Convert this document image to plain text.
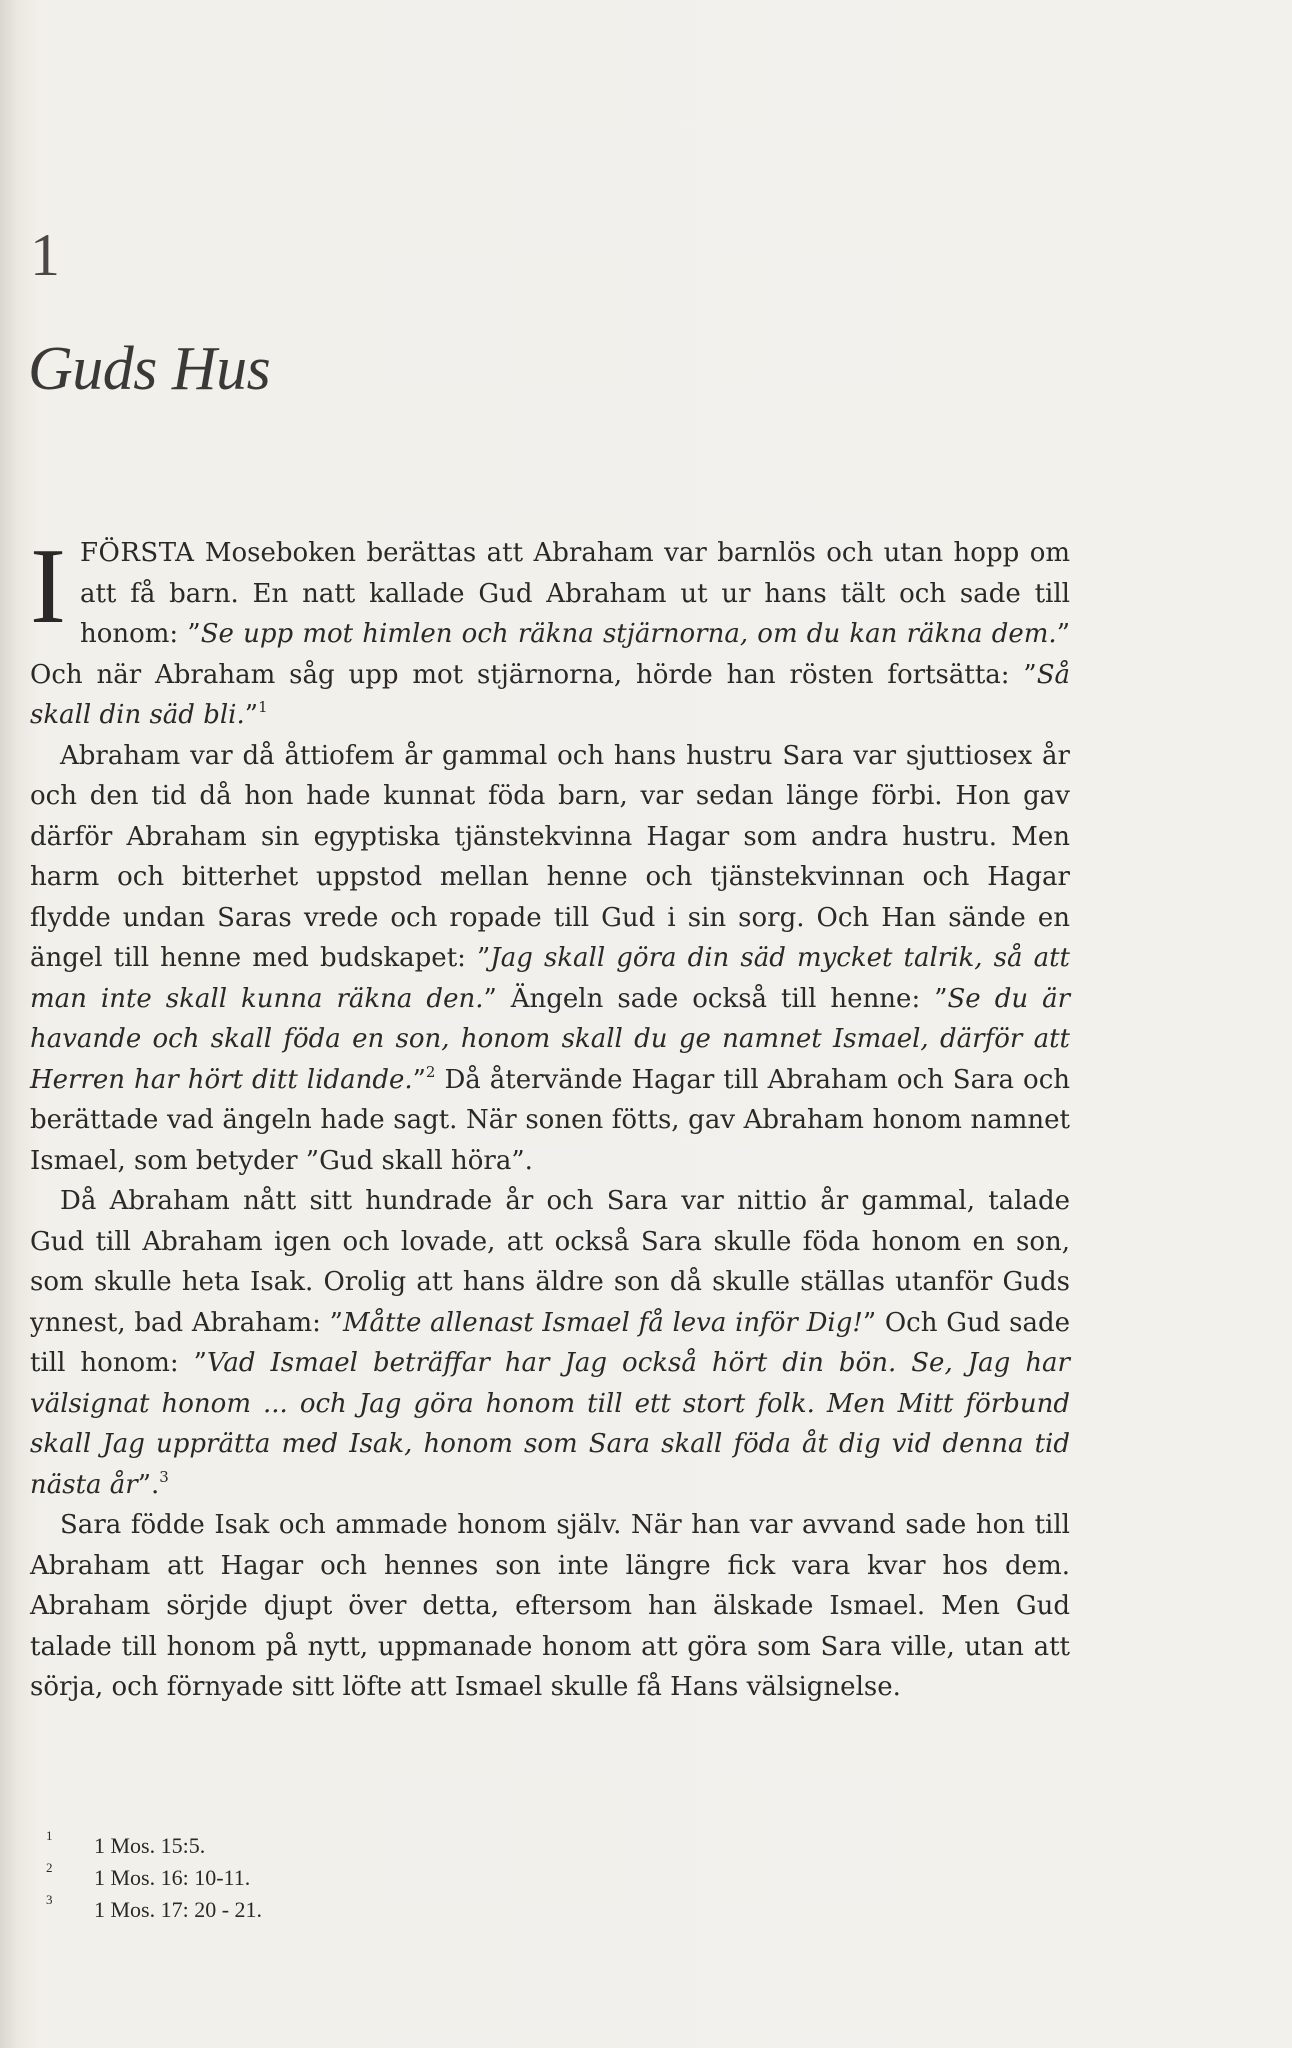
1
Guds Hus

IFÖRSTA Moseboken berättas att Abraham var barnlös och utan hopp om att få barn. En natt kallade Gud Abraham ut ur hans tält och sade till honom: ”Se upp mot himlen och räkna stjärnorna, om du kan räkna dem.” Och när Abraham såg upp mot stjärnorna, hörde han rösten fortsätta: ”Så skall din säd bli.”$^1$

Abraham var då åttiofem år gammal och hans hustru Sara var sjuttiosex år och den tid då hon hade kunnat föda barn, var sedan länge förbi. Hon gav därför Abraham sin egyptiska tjänstekvinna Hagar som andra hustru. Men harm och bitterhet uppstod mellan henne och tjänstekvinnan och Hagar flydde undan Saras vrede och ropade till Gud i sin sorg. Och Han sände en ängel till henne med budskapet: ”Jag skall göra din säd mycket talrik, så att man inte skall kunna räkna den.” Ängeln sade också till henne: ”Se du är havande och skall föda en son, honom skall du ge namnet Ismael, därför att Herren har hört ditt lidande.”$^2$ Då återvände Hagar till Abraham och Sara och berättade vad ängeln hade sagt. När sonen fötts, gav Abraham honom namnet Ismael, som betyder ”Gud skall höra”.

Då Abraham nått sitt hundrade år och Sara var nittio år gammal, talade Gud till Abraham igen och lovade, att också Sara skulle föda honom en son, som skulle heta Isak. Orolig att hans äldre son då skulle ställas utanför Guds ynnest, bad Abraham: ”Måtte allenast Ismael få leva inför Dig!” Och Gud sade till honom: ”Vad Ismael beträffar har Jag också hört din bön. Se, Jag har välsignat honom ... och Jag göra honom till ett stort folk. Men Mitt förbund skall Jag upprätta med Isak, honom som Sara skall föda åt dig vid denna tid nästa år”.$^3$

Sara födde Isak och ammade honom själv. När han var avvand sade hon till Abraham att Hagar och hennes son inte längre fick vara kvar hos dem. Abraham sörjde djupt över detta, eftersom han älskade Ismael. Men Gud talade till honom på nytt, uppmanade honom att göra som Sara ville, utan att sörja, och förnyade sitt löfte att Ismael skulle få Hans välsignelse.

1 1 Mos. 15:5.
2 1 Mos. 16: 10-11.
3 1 Mos. 17: 20 - 21.
